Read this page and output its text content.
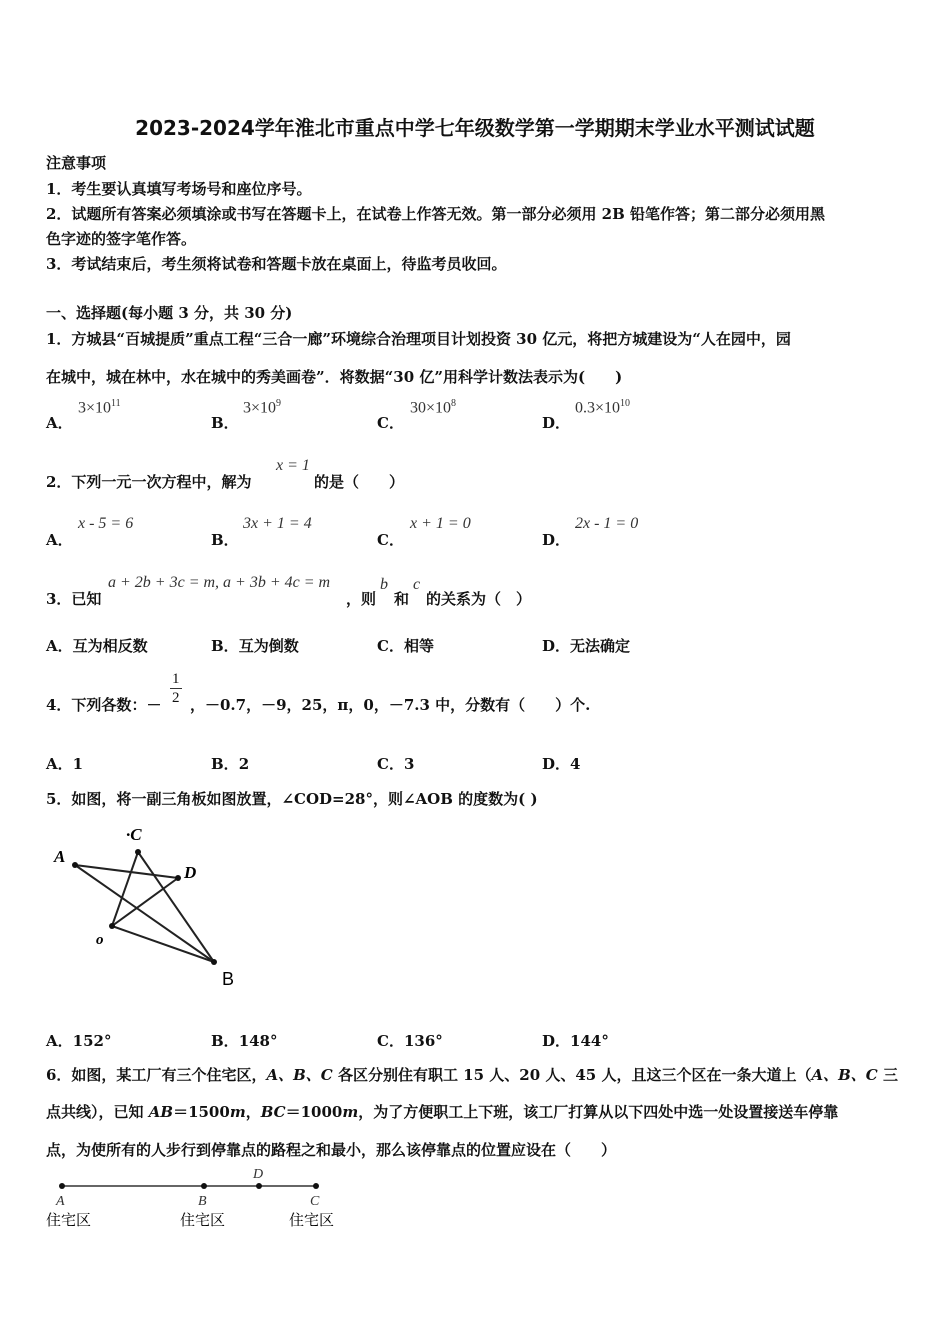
2023-2024学年淮北市重点中学七年级数学第一学期期末学业水平测试试题
注意事项
1．考生要认真填写考场号和座位序号。
2．试题所有答案必须填涂或书写在答题卡上，在试卷上作答无效。第一部分必须用 2B 铅笔作答；第二部分必须用黑
色字迹的签字笔作答。
3．考试结束后，考生须将试卷和答题卡放在桌面上，待监考员收回。
一、选择题(每小题 3 分，共 30 分)
1．方城县“百城提质”重点工程“三合一廊”环境综合治理项目计划投资 30 亿元，将把方城建设为“人在园中，园
在城中，城在林中，水在城中的秀美画卷”．将数据“30 亿”用科学计数法表示为(　　)
A．
$3\times 10^{11}$
B．
$3\times 10^9$
C．
$30\times 10^8$
D．
$0.3\times 10^{10}$
2．下列一元一次方程中，解为
x = 1
的是（　　）
A．
x - 5 = 6
B．
3x + 1 = 4
C．
x + 1 = 0
D．
2x - 1 = 0
3．已知
a + 2b + 3c = m, a + 3b + 4c = m
，则
b
和
c
的关系为（　）
A．互为相反数	B．互为倒数	C．相等	D．无法确定
4．下列各数：－ $\frac{1}{2}$ ，－0.7，－9，25，π，0，－7.3 中，分数有（　　）个.
A．1	B．2	C．3	D．4
5．如图，将一副三角板如图放置，∠COD=28°，则∠AOB 的度数为( )
A
·C
D
o
B
A．152°	B．148°	C．136°	D．144°
6．如图，某工厂有三个住宅区，A、B、C 各区分别住有职工 15 人、20 人、45 人，且这三个区在一条大道上（A、B、C 三
点共线），已知 AB＝1500m，BC＝1000m，为了方便职工上下班，该工厂打算从以下四处中选一处设置接送车停靠
点，为使所有的人步行到停靠点的路程之和最小，那么该停靠点的位置应设在（　　）
A	B
D
C
住宅区	住宅区	住宅区
